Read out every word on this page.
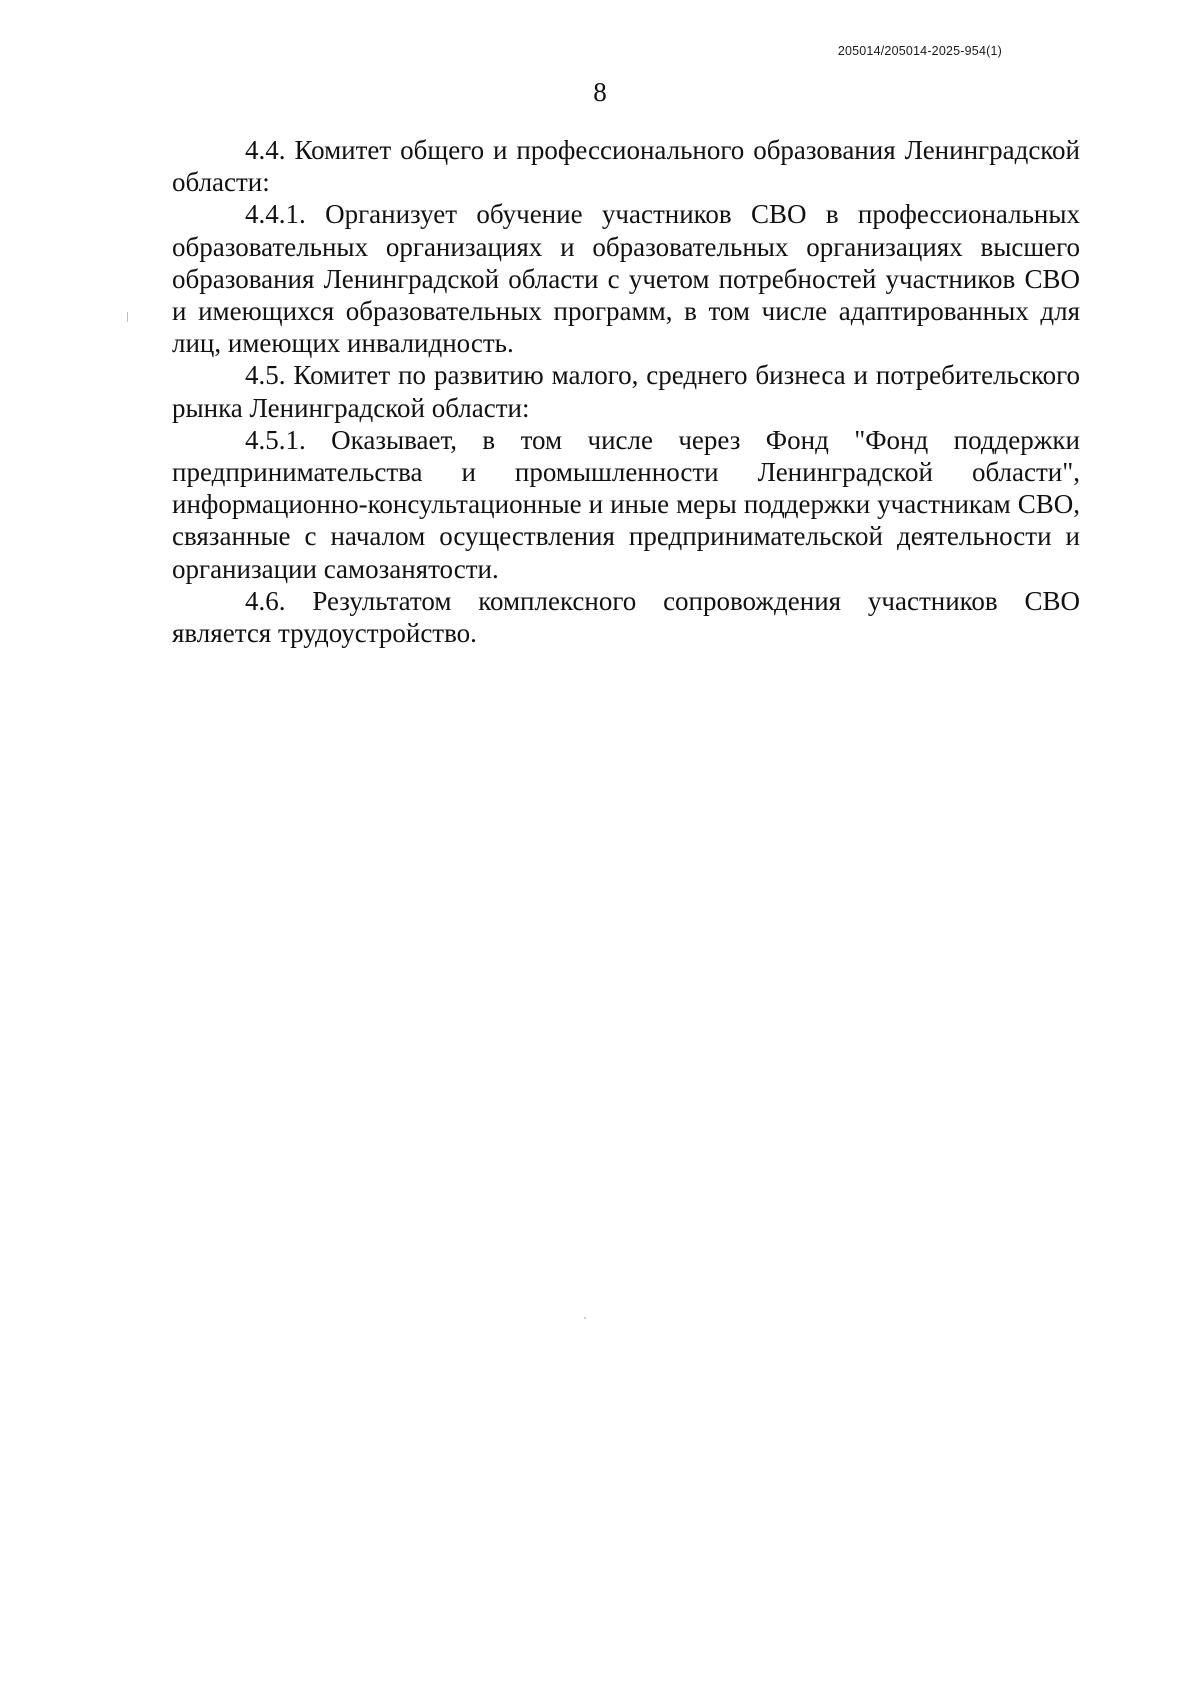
205014/205014-2025-954(1)
8

4.4. Комитет общего и профессионального образования Ленинградской области:

4.4.1. Организует обучение участников СВО в профессиональных образовательных организациях и образовательных организациях высшего образования Ленинградской области с учетом потребностей участников СВО и имеющихся образовательных программ, в том числе адаптированных для лиц, имеющих инвалидность.

4.5. Комитет по развитию малого, среднего бизнеса и потребительского рынка Ленинградской области:

4.5.1. Оказывает, в том числе через Фонд "Фонд поддержки предпринимательства и промышленности Ленинградской области", информационно-консультационные и иные меры поддержки участникам СВО, связанные с началом осуществления предпринимательской деятельности и организации самозанятости.

4.6. Результатом комплексного сопровождения участников СВО является трудоустройство.
